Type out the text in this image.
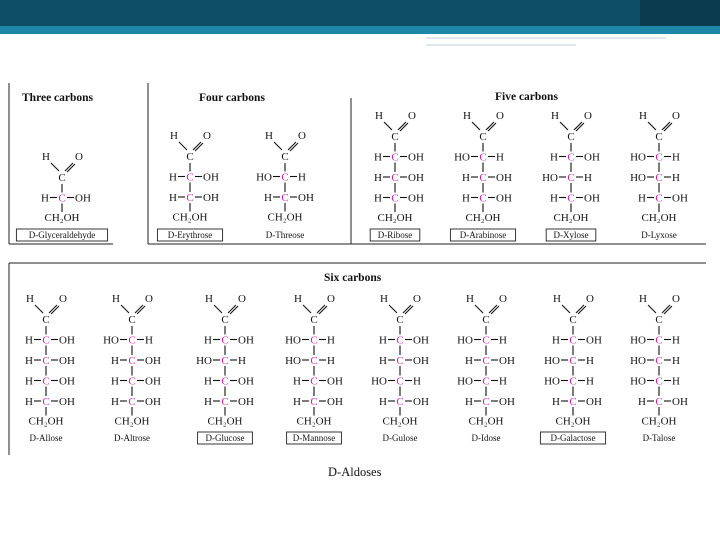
Three carbons	Four carbons	Five carbons
Six carbons
H O
C
H C OH
CH₂OH
D-Glyceraldehyde
H O
C
H C OH
H C OH
CH₂OH
D-Erythrose
H O
C
HO C H
H C OH
CH₂OH
D-Threose
H O
C
H C OH
H C OH
H C OH
CH₂OH
D-Ribose
H O
C
HO C H
H C OH
H C OH
CH₂OH
D-Arabinose
H O
C
H C OH
HO C H
H C OH
CH₂OH
D-Xylose
H O
C
HO C H
HO C H
H C OH
CH₂OH
D-Lyxose
H O
C
H C OH
H C OH
H C OH
H C OH
CH₂OH
D-Allose
H O
C
HO C H
H C OH
H C OH
H C OH
CH₂OH
D-Altrose
H O
C
H C OH
HO C H
H C OH
H C OH
CH₂OH
D-Glucose
H O
C
HO C H
HO C H
H C OH
H C OH
CH₂OH
D-Mannose
H O
C
H C OH
H C OH
HO C H
H C OH
CH₂OH
D-Gulose
H O
C
HO C H
H C OH
HO C H
H C OH
CH₂OH
D-Idose
H O
C
H C OH
HO C H
HO C H
H C OH
CH₂OH
D-Galactose
H O
C
HO C H
HO C H
HO C H
H C OH
CH₂OH
D-Talose
D-Aldoses
